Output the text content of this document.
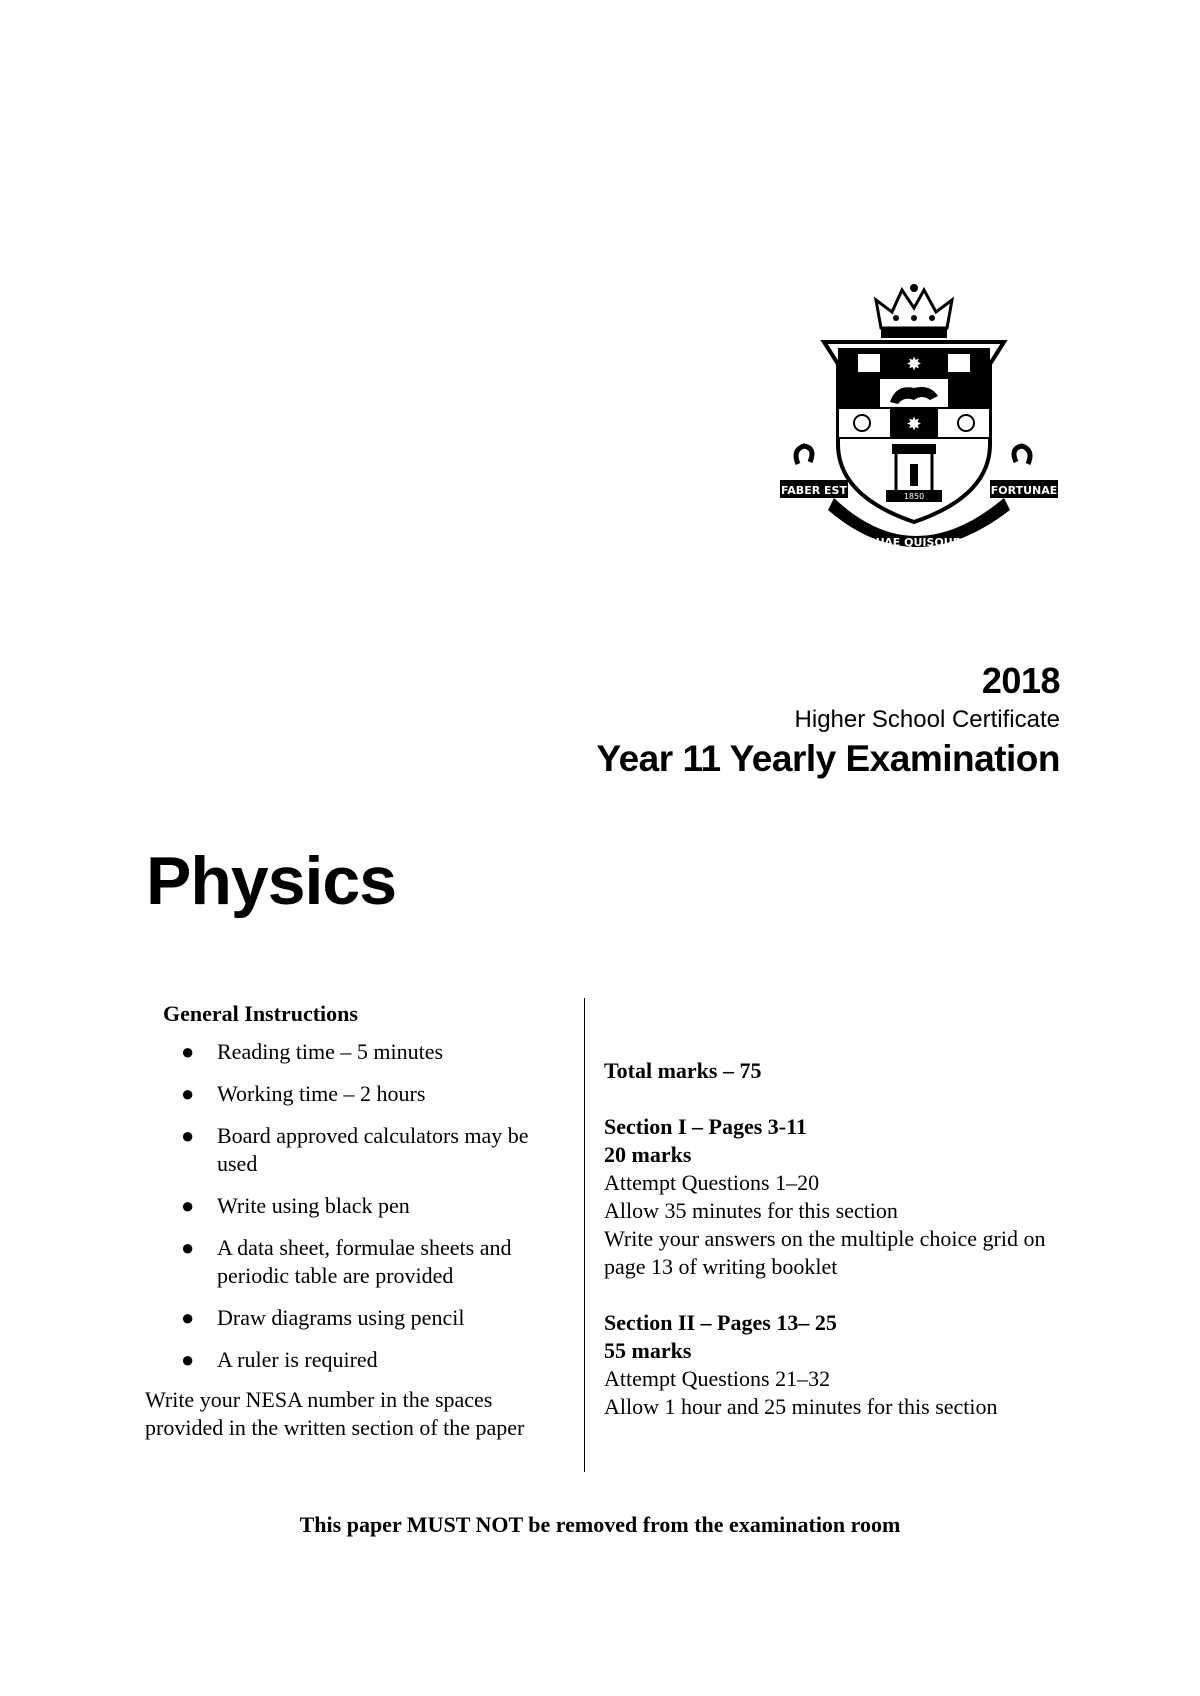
✸
✸
1850
FABER EST	FORTUNAE
SUAE QUISQUE
2018
Higher School Certificate
Year 11 Yearly Examination
Physics
General Instructions
● Reading time – 5 minutes
● Working time – 2 hours
● Board approved calculators may be used
● Write using black pen
● A data sheet, formulae sheets and periodic table are provided
● Draw diagrams using pencil
● A ruler is required
Write your NESA number in the spaces provided in the written section of the paper
Total marks – 75
Section I – Pages 3-11
20 marks
Attempt Questions 1–20
Allow 35 minutes for this section
Write your answers on the multiple choice grid on page 13 of writing booklet
Section II – Pages 13– 25
55 marks
Attempt Questions 21–32
Allow 1 hour and 25 minutes for this section
This paper MUST NOT be removed from the examination room
